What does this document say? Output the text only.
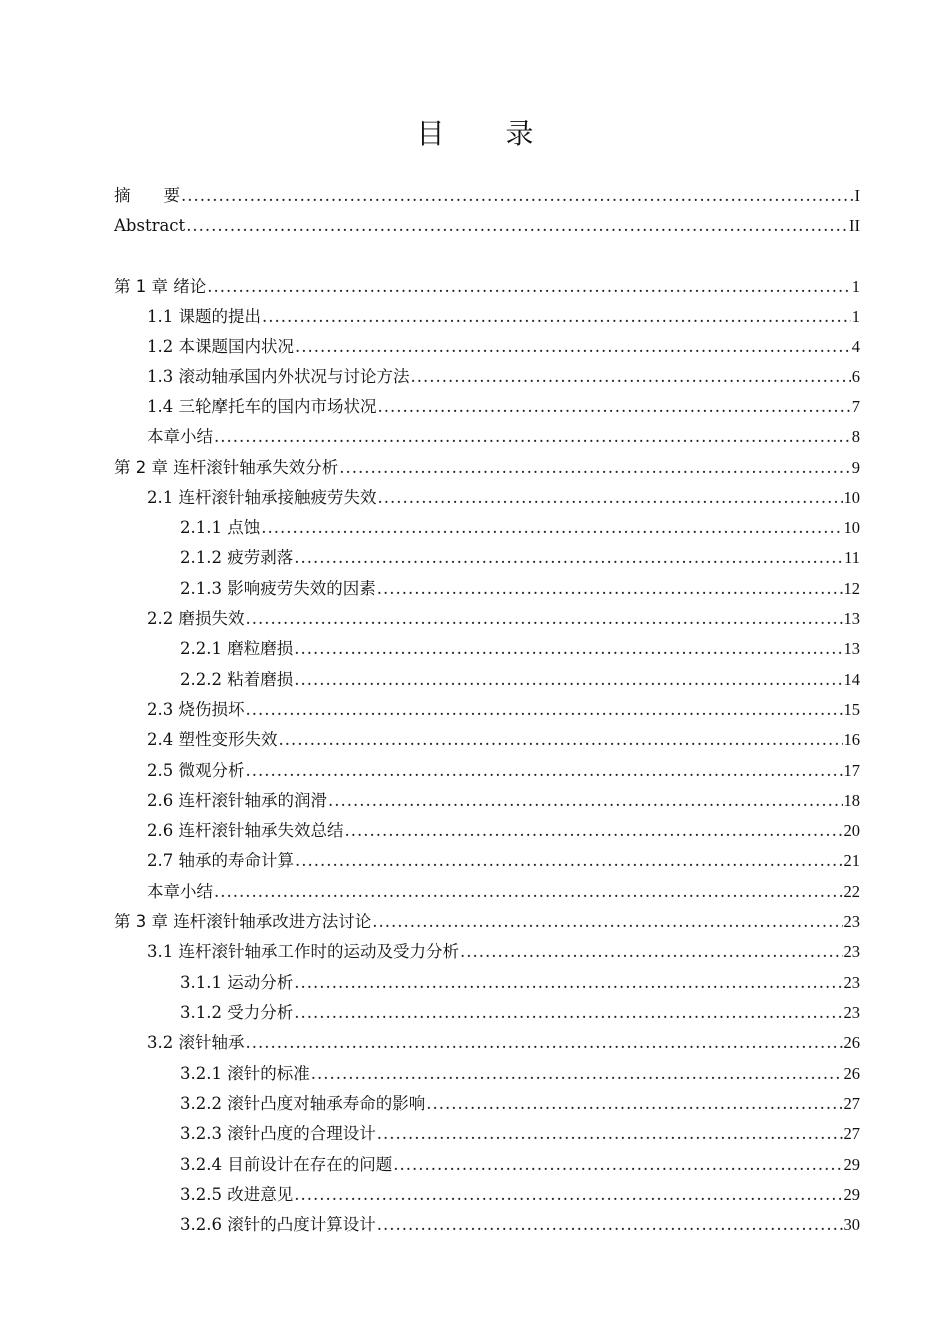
目 录
摘　　要 .....	I
Abstract .....	II
第 1 章 绪论 .....	1
1.1 课题的提出 .....	1
1.2 本课题国内状况 .....	4
1.3 滚动轴承国内外状况与讨论方法 .....	6
1.4 三轮摩托车的国内市场状况 .....	7
本章小结 .....	8
第 2 章 连杆滚针轴承失效分析 .....	9
2.1 连杆滚针轴承接触疲劳失效 .....	10
2.1.1 点蚀 .....	10
2.1.2 疲劳剥落 .....	11
2.1.3 影响疲劳失效的因素 .....	12
2.2 磨损失效 .....	13
2.2.1 磨粒磨损 .....	13
2.2.2 粘着磨损 .....	14
2.3 烧伤损坏 .....	15
2.4 塑性变形失效 .....	16
2.5 微观分析 .....	17
2.6 连杆滚针轴承的润滑 .....	18
2.6 连杆滚针轴承失效总结 .....	20
2.7 轴承的寿命计算 .....	21
本章小结 .....	22
第 3 章 连杆滚针轴承改进方法讨论 .....	23
3.1 连杆滚针轴承工作时的运动及受力分析 .....	23
3.1.1 运动分析 .....	23
3.1.2 受力分析 .....	23
3.2 滚针轴承 .....	26
3.2.1 滚针的标准 .....	26
3.2.2 滚针凸度对轴承寿命的影响 .....	27
3.2.3 滚针凸度的合理设计 .....	27
3.2.4 目前设计在存在的问题 .....	29
3.2.5 改进意见 .....	29
3.2.6 滚针的凸度计算设计 .....	30
